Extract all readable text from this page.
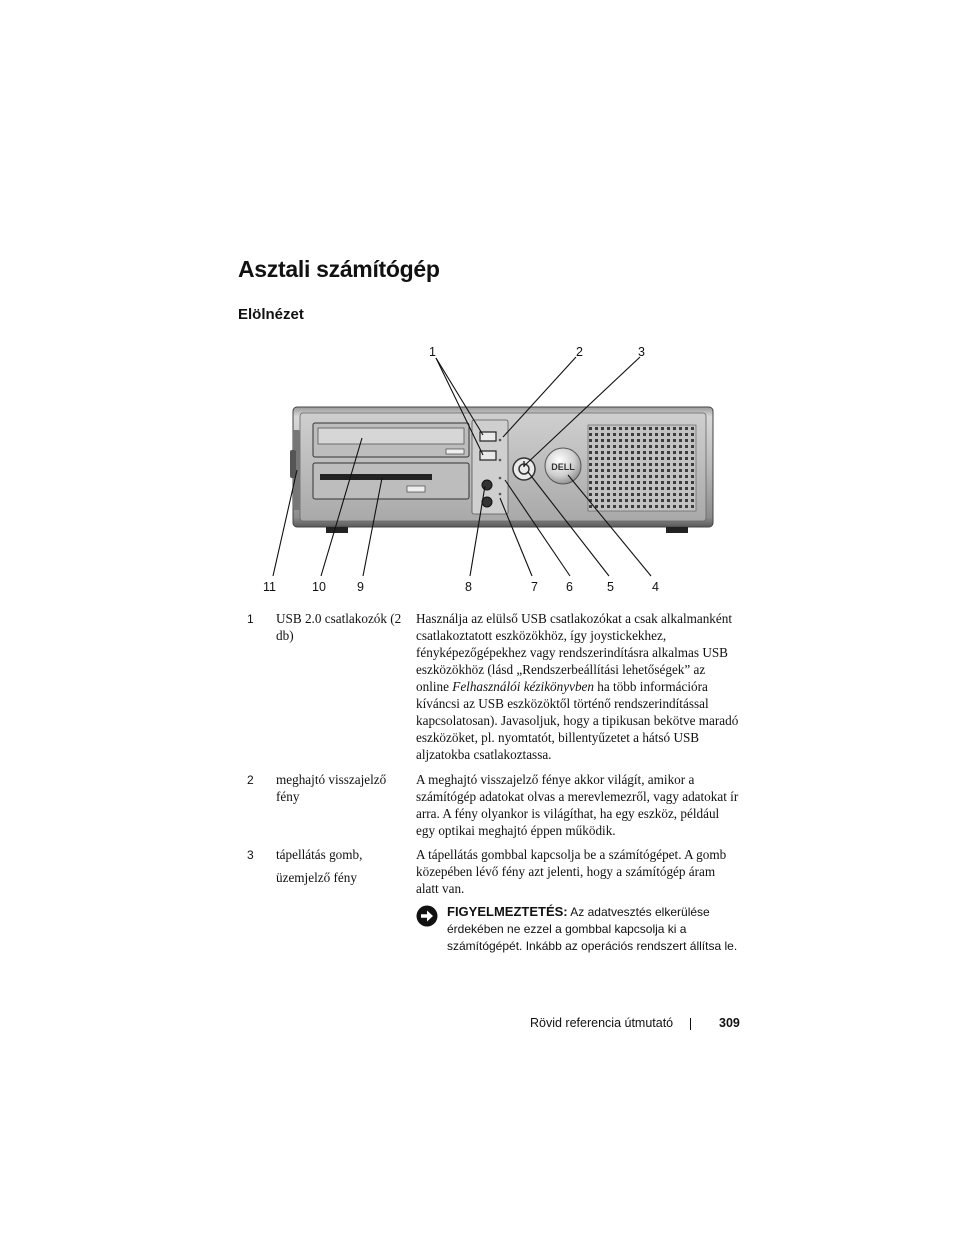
Asztali számítógép
Elölnézet
DELL
1	2	3
11	10 9	8	7 6	5	4
1 USB 2.0 csatlakozók (2 db)
Használja az elülső USB csatlakozókat a csak alkalmanként csatlakoztatott eszközökhöz, így joystickekhez, fényképezőgépekhez vagy rendszerindításra alkalmas USB eszközökhöz (lásd „Rendszerbeállítási lehetőségek” az online Felhasználói kézikönyvben ha több információra kíváncsi az USB eszközöktől történő rendszerindítással kapcsolatosan). Javasoljuk, hogy a tipikusan bekötve maradó eszközöket, pl. nyomtatót, billentyűzetet a hátsó USB aljzatokba csatlakoztassa.
2 meghajtó visszajelző fény
A meghajtó visszajelző fénye akkor világít, amikor a számítógép adatokat olvas a merevlemezről, vagy adatokat ír arra. A fény olyankor is világíthat, ha egy eszköz, például egy optikai meghajtó éppen működik.
3 tápellátás gomb,
üzemjelző fény
A tápellátás gombbal kapcsolja be a számítógépet. A gomb közepében lévő fény azt jelenti, hogy a számítógép áram alatt van.
FIGYELMEZTETÉS: Az adatvesztés elkerülése érdekében ne ezzel a gombbal kapcsolja ki a számítógépét. Inkább az operációs rendszert állítsa le.
Rövid referencia útmutató	309
